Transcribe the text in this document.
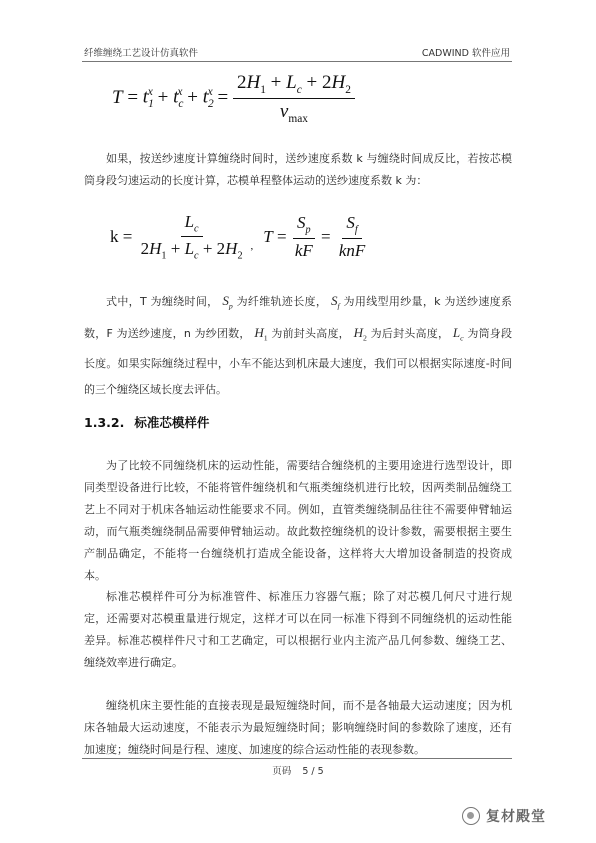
纤维缠绕工艺设计仿真软件	CADWIND 软件应用
$T = t_1^x + t_c^x + t_2^x = \frac{2H_1 + L_c + 2H_2}{v_{max}}$

如果，按送纱速度计算缠绕时间时，送纱速度系数 k 与缠绕时间成反比，若按芯模筒身段匀速运动的长度计算，芯模单程整体运动的送纱速度系数 k 为：

$k = \frac{L_c}{2H_1 + L_c + 2H_2}$ , $T = \frac{S_p}{kF} = \frac{S_f}{\text{knF}}$

式中，T 为缠绕时间， $S_p$ 为纤维轨迹长度， $S_f$ 为用线型用纱量，k 为送纱速度系数，F 为送纱速度，n 为纱团数， $H_1$ 为前封头高度， $H_2$ 为后封头高度， $L_c$ 为筒身段长度。如果实际缠绕过程中，小车不能达到机床最大速度，我们可以根据实际速度-时间的三个缠绕区域长度去评估。

1.3.2. 标准芯模样件

为了比较不同缠绕机床的运动性能，需要结合缠绕机的主要用途进行选型设计，即同类型设备进行比较，不能将管件缠绕机和气瓶类缠绕机进行比较，因两类制品缠绕工艺上不同对于机床各轴运动性能要求不同。例如，直管类缠绕制品往往不需要伸臂轴运动，而气瓶类缠绕制品需要伸臂轴运动。故此数控缠绕机的设计参数，需要根据主要生产制品确定，不能将一台缠绕机打造成全能设备，这样将大大增加设备制造的投资成本。

标准芯模样件可分为标准管件、标准压力容器气瓶；除了对芯模几何尺寸进行规定，还需要对芯模重量进行规定，这样才可以在同一标准下得到不同缠绕机的运动性能差异。标准芯模样件尺寸和工艺确定，可以根据行业内主流产品几何参数、缠绕工艺、缠绕效率进行确定。

缠绕机床主要性能的直接表现是最短缠绕时间，而不是各轴最大运动速度；因为机床各轴最大运动速度，不能表示为最短缠绕时间；影响缠绕时间的参数除了速度，还有加速度；缠绕时间是行程、速度、加速度的综合运动性能的表现参数。

页码 5 / 5
复材殿堂
